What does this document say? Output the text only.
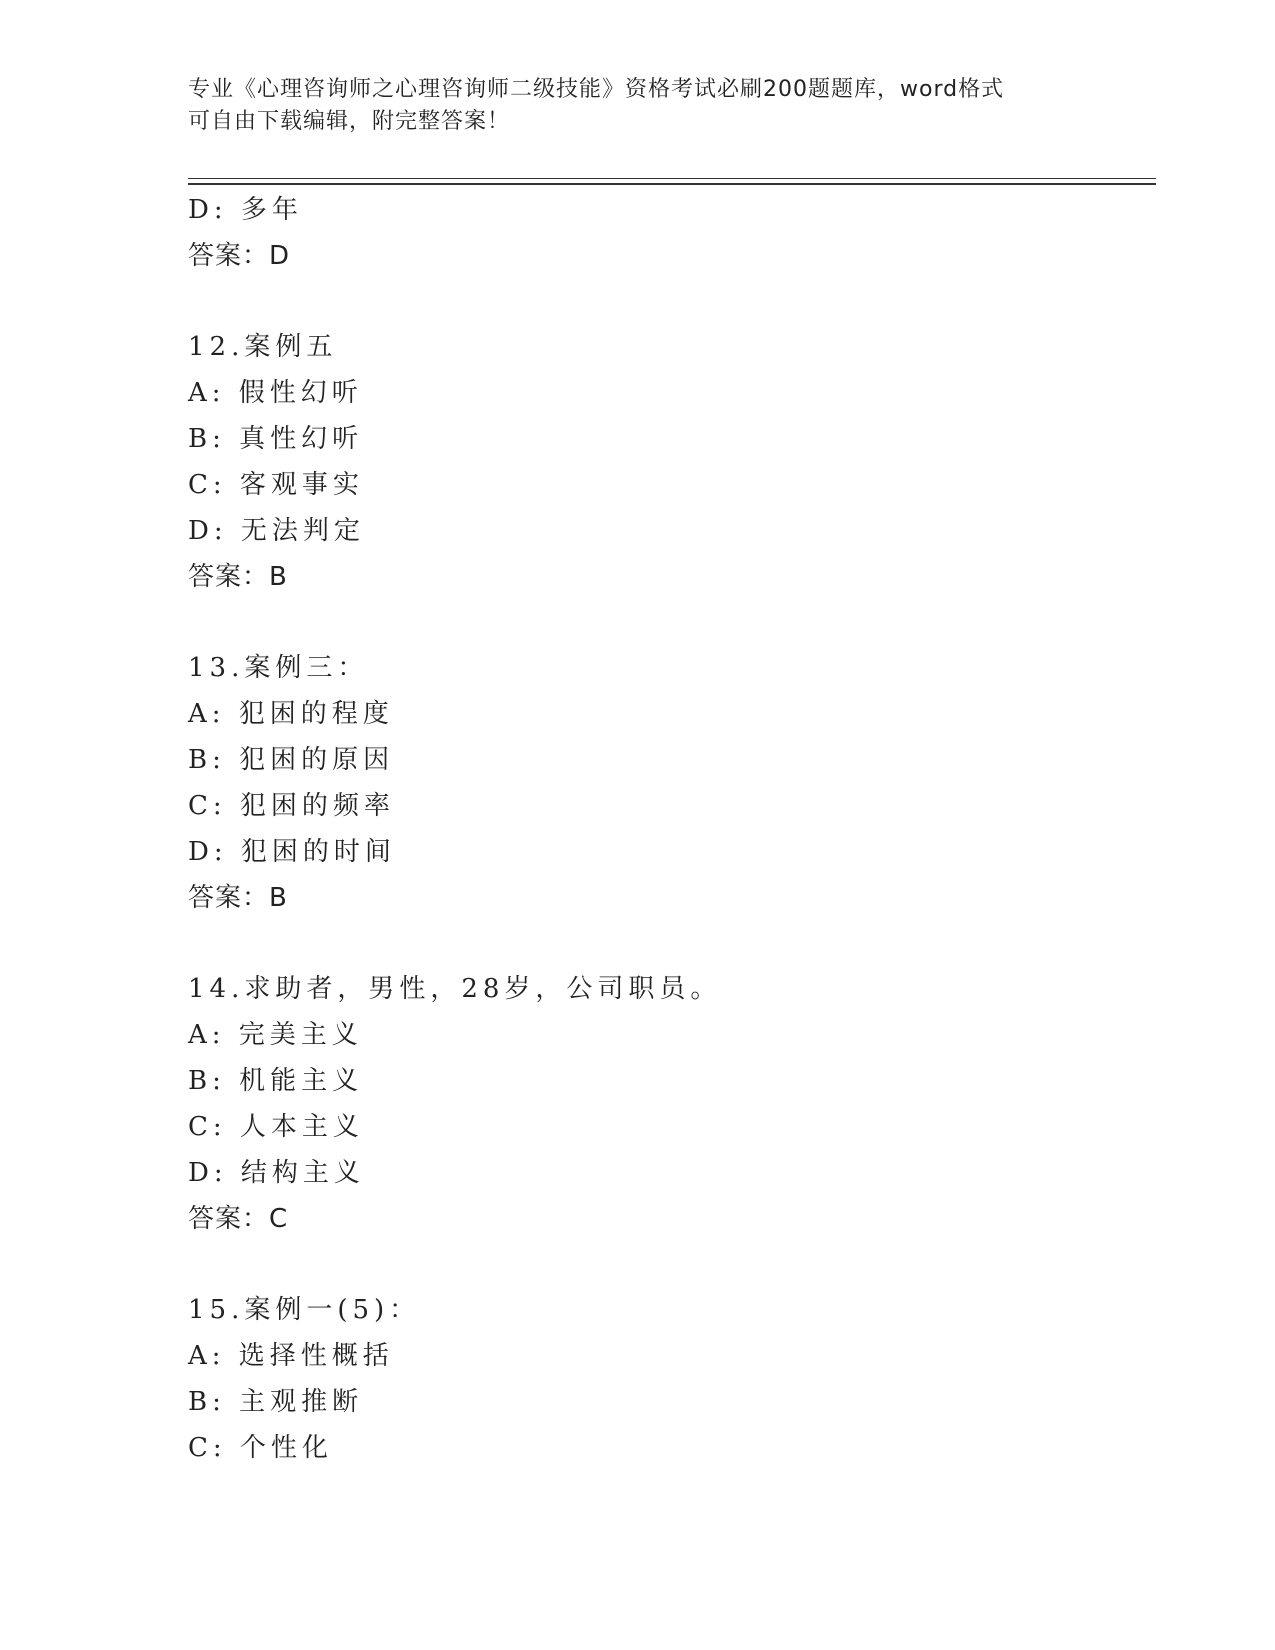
专业《心理咨询师之心理咨询师二级技能》资格考试必刷200题题库，word格式
可自由下载编辑，附完整答案！
D: 多年
答案：D
12.案例五
A: 假性幻听
B: 真性幻听
C: 客观事实
D: 无法判定
答案：B
13.案例三：
A: 犯困的程度
B: 犯困的原因
C: 犯困的频率
D: 犯困的时间
答案：B
14.求助者，男性，28岁，公司职员。
A: 完美主义
B: 机能主义
C: 人本主义
D: 结构主义
答案：C
15.案例一(5)：
A: 选择性概括
B: 主观推断
C: 个性化
